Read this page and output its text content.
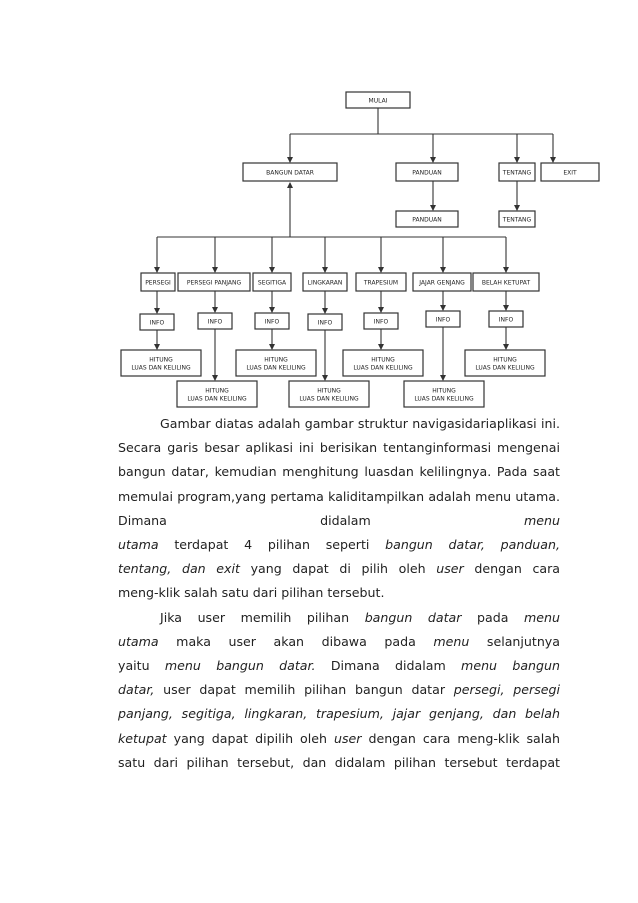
MULAI
BANGUN DATAR	PANDUAN	TENTANG	EXIT
PANDUAN	TENTANG
PERSEGI
INFO
HITUNG
LUAS DAN KELILING
PERSEGI PANJANG
INFO
HITUNG
LUAS DAN KELILING
SEGITIGA
INFO
HITUNG
LUAS DAN KELILING
LINGKARAN
INFO
HITUNG
LUAS DAN KELILING
TRAPESIUM
INFO
HITUNG
LUAS DAN KELILING
JAJAR GENJANG
INFO
HITUNG
LUAS DAN KELILING
BELAH KETUPAT
INFO
HITUNG
LUAS DAN KELILING

Gambar diatas adalah gambar struktur navigasidariaplikasi ini. Secara garis besar aplikasi ini berisikan tentanginformasi mengenai bangun datar, kemudian menghitung luasdan kelilingnya. Pada saat memulai program,yang pertama kaliditampilkan adalah menu utama. Dimana didalam menu

utama terdapat 4 pilihan seperti bangun datar, panduan,

tentang, dan exit yang dapat di pilih oleh user dengan cara

meng-klik salah satu dari pilihan tersebut.

Jika user memilih pilihan bangun datar pada menu

utama maka user akan dibawa pada menu selanjutnya

yaitu menu bangun datar. Dimana didalam menu bangun

datar, user dapat memilih pilihan bangun datar persegi, persegi

panjang, segitiga, lingkaran, trapesium, jajar genjang, dan belah

ketupat yang dapat dipilih oleh user dengan cara meng-klik salah

satu dari pilihan tersebut, dan didalam pilihan tersebut terdapat
